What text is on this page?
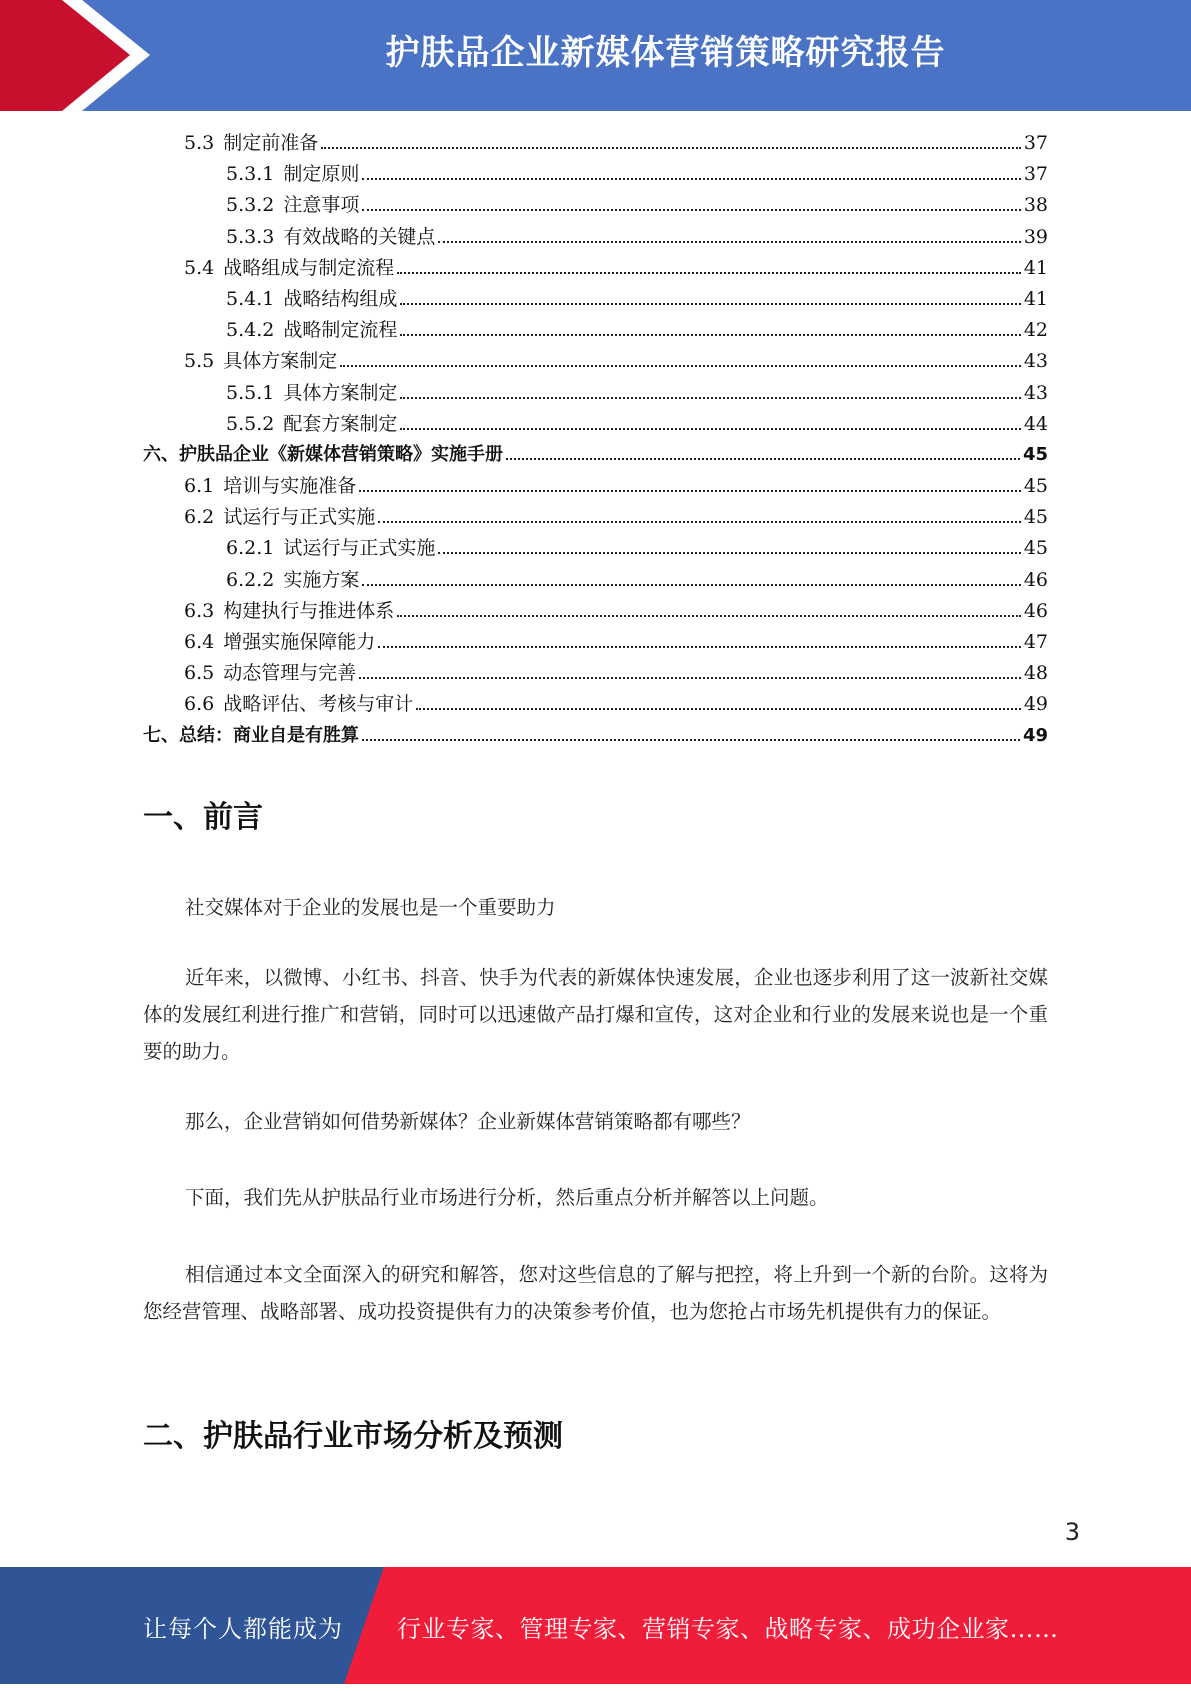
护肤品企业新媒体营销策略研究报告
5.3 制定前准备	37
5.3.1 制定原则	37
5.3.2 注意事项	38
5.3.3 有效战略的关键点	39
5.4 战略组成与制定流程	41
5.4.1 战略结构组成	41
5.4.2 战略制定流程	42
5.5 具体方案制定	43
5.5.1 具体方案制定	43
5.5.2 配套方案制定	44
六、护肤品企业《新媒体营销策略》实施手册	45
6.1 培训与实施准备	45
6.2 试运行与正式实施	45
6.2.1 试运行与正式实施	45
6.2.2 实施方案	46
6.3 构建执行与推进体系	46
6.4 增强实施保障能力	47
6.5 动态管理与完善	48
6.6 战略评估、考核与审计	49
七、总结：商业自是有胜算	49
一、前言
社交媒体对于企业的发展也是一个重要助力
近年来，以微博、小红书、抖音、快手为代表的新媒体快速发展，企业也逐步利用了这一波新社交媒体的发展红利进行推广和营销，同时可以迅速做产品打爆和宣传，这对企业和行业的发展来说也是一个重要的助力。
那么，企业营销如何借势新媒体？企业新媒体营销策略都有哪些？
下面，我们先从护肤品行业市场进行分析，然后重点分析并解答以上问题。
相信通过本文全面深入的研究和解答，您对这些信息的了解与把控，将上升到一个新的台阶。这将为您经营管理、战略部署、成功投资提供有力的决策参考价值，也为您抢占市场先机提供有力的保证。
二、护肤品行业市场分析及预测
3
让每个人都能成为 行业专家、管理专家、营销专家、战略专家、成功企业家……
